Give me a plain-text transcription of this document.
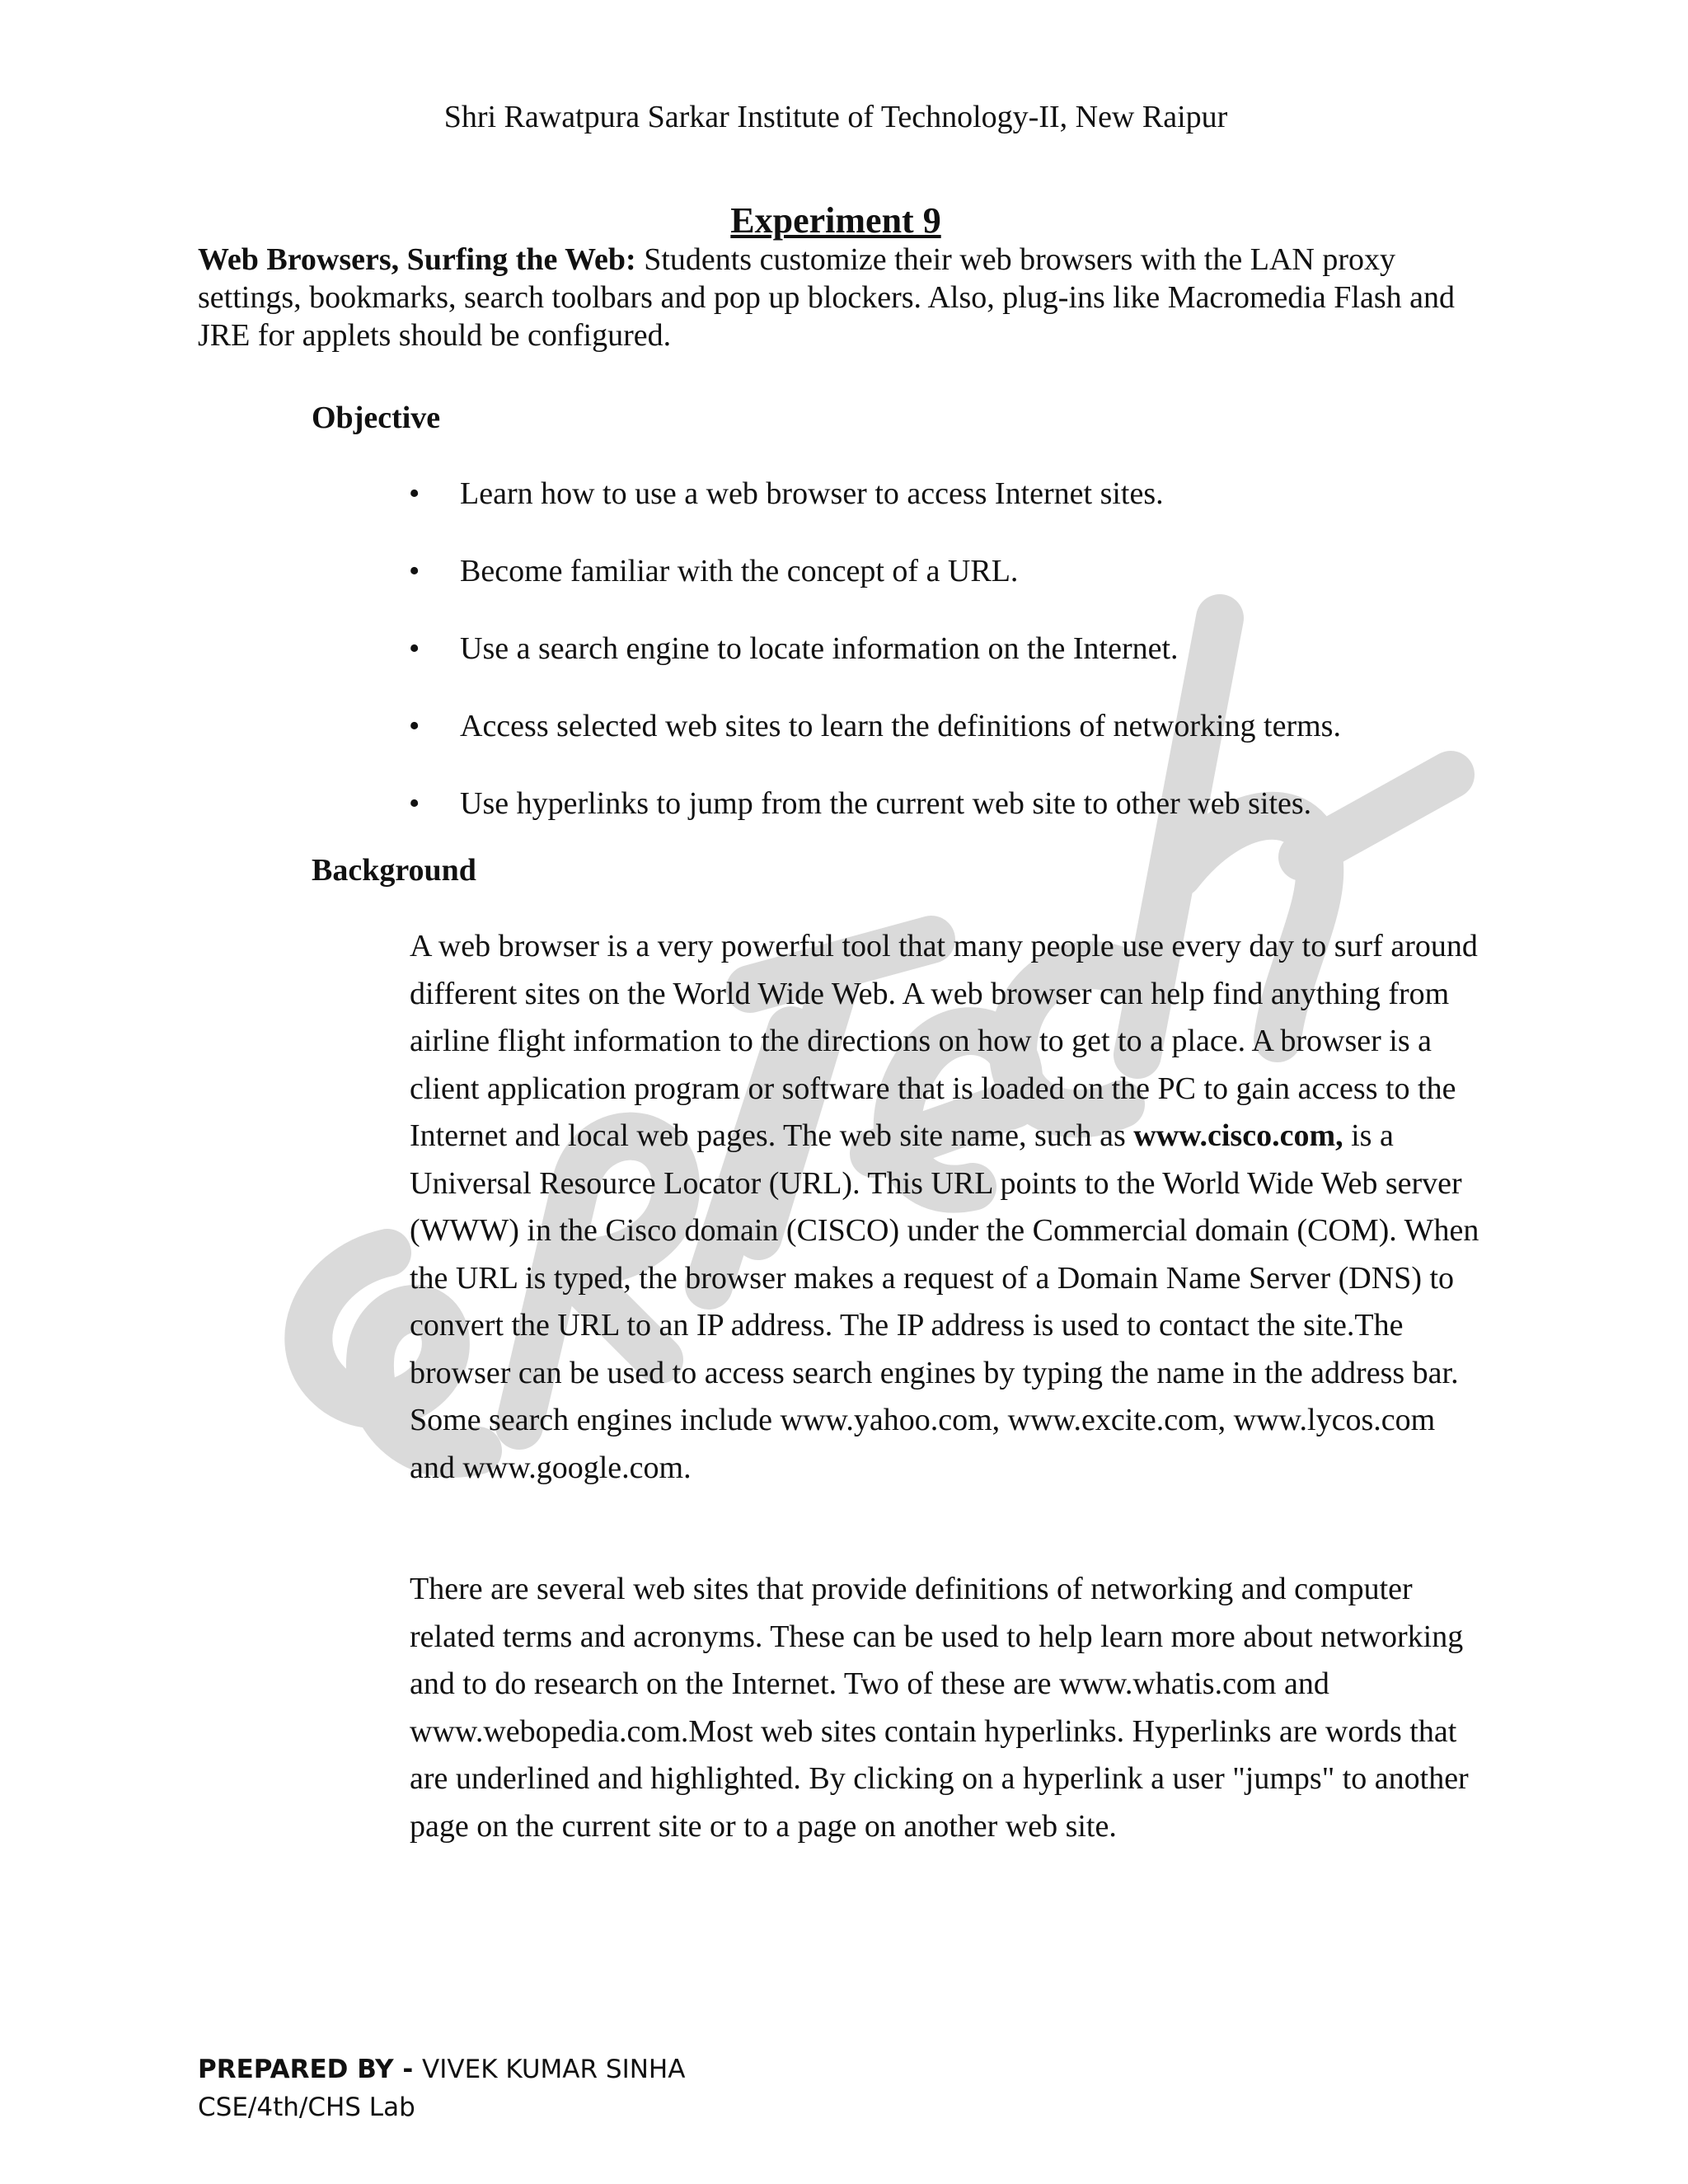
Shri Rawatpura Sarkar Institute of Technology-II, New Raipur
Experiment 9
Web Browsers, Surfing the Web: Students customize their web browsers with the LAN proxy settings, bookmarks, search toolbars and pop up blockers. Also, plug-ins like Macromedia Flash and JRE for applets should be configured.
Objective
• Learn how to use a web browser to access Internet sites.
• Become familiar with the concept of a URL.
• Use a search engine to locate information on the Internet.
• Access selected web sites to learn the definitions of networking terms.
• Use hyperlinks to jump from the current web site to other web sites.
Background

A web browser is a very powerful tool that many people use every day to surf around different sites on the World Wide Web. A web browser can help find anything from airline flight information to the directions on how to get to a place. A browser is a client application program or software that is loaded on the PC to gain access to the Internet and local web pages. The web site name, such as www.cisco.com, is a Universal Resource Locator (URL). This URL points to the World Wide Web server (WWW) in the Cisco domain (CISCO) under the Commercial domain (COM). When the URL is typed, the browser makes a request of a Domain Name Server (DNS) to convert the URL to an IP address. The IP address is used to contact the site.The browser can be used to access search engines by typing the name in the address bar. Some search engines include www.yahoo.com, www.excite.com, www.lycos.com and www.google.com.

There are several web sites that provide definitions of networking and computer related terms and acronyms. These can be used to help learn more about networking and to do research on the Internet. Two of these are www.whatis.com and www.webopedia.com.Most web sites contain hyperlinks. Hyperlinks are words that are underlined and highlighted. By clicking on a hyperlink a user "jumps" to another page on the current site or to a page on another web site.

PREPARED BY - VIVEK KUMAR SINHA
CSE/4th/CHS Lab
